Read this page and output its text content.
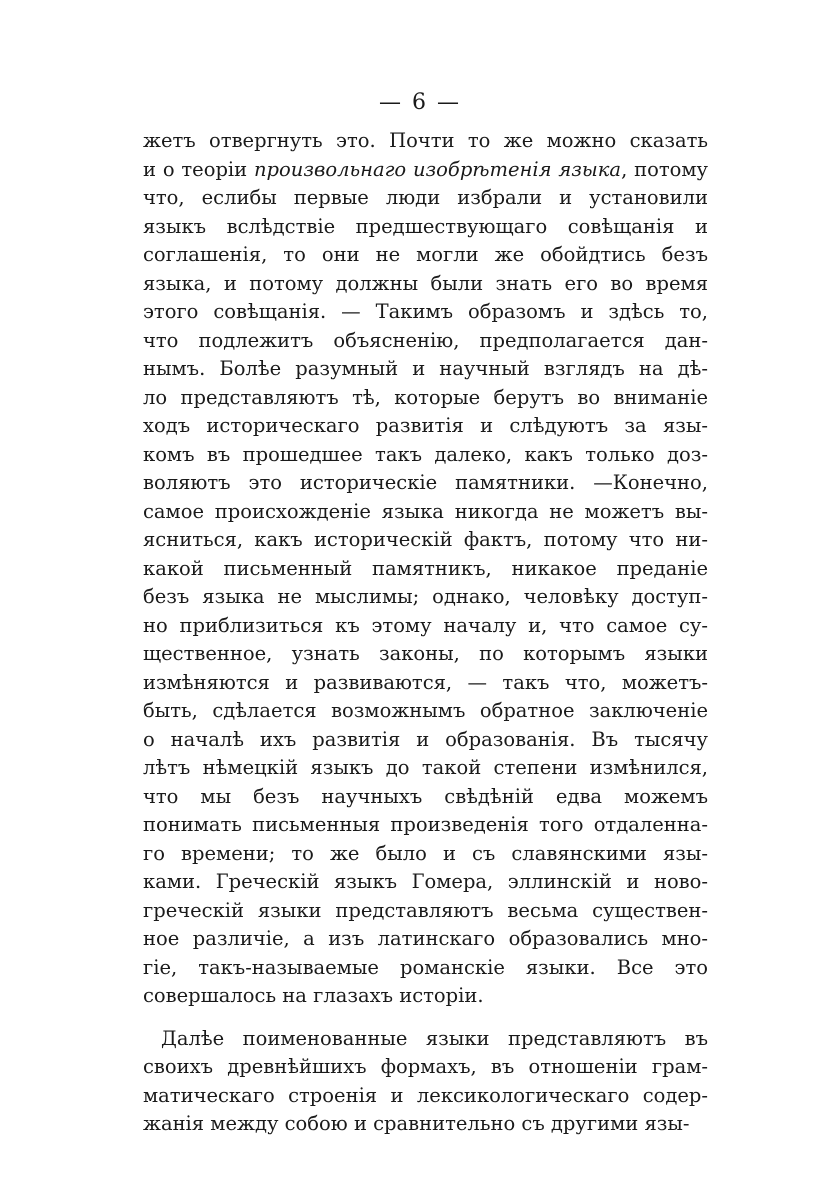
— 6 —
жетъ отвергнуть это. Почти то же можно сказать
и о теоріи произвольнаго изобрѣтенія языка, потому
что, еслибы первые люди избрали и установили
языкъ вслѣдствіе предшествующаго совѣщанія и
соглашенія, то они не могли же обойдтись безъ
языка, и потому должны были знать его во время
этого совѣщанія. — Такимъ образомъ и здѣсь то,
что подлежитъ объясненію, предполагается дан-
нымъ. Болѣе разумный и научный взглядъ на дѣ-
ло представляютъ тѣ, которые берутъ во вниманіе
ходъ историческаго развитія и слѣдуютъ за язы-
комъ въ прошедшее такъ далеко, какъ только доз-
воляютъ это историческіе памятники. —Конечно,
самое происхожденіе языка никогда не можетъ вы-
ясниться, какъ историческій фактъ, потому что ни-
какой письменный памятникъ, никакое преданіе
безъ языка не мыслимы; однако, человѣку доступ-
но приблизиться къ этому началу и, что самое су-
щественное, узнать законы, по которымъ языки
измѣняются и развиваются, — такъ что, можетъ-
быть, сдѣлается возможнымъ обратное заключеніе
о началѣ ихъ развитія и образованія. Въ тысячу
лѣтъ нѣмецкій языкъ до такой степени измѣнился,
что мы безъ научныхъ свѣдѣній едва можемъ
понимать письменныя произведенія того отдаленна-
го времени; то же было и съ славянскими язы-
ками. Греческій языкъ Гомера, эллинскій и ново-
греческій языки представляютъ весьма существен-
ное различіе, а изъ латинскаго образовались мно-
гіе, такъ-называемые романскіе языки. Все это
совершалось на глазахъ исторіи.
Далѣе поименованные языки представляютъ въ
своихъ древнѣйшихъ формахъ, въ отношеніи грам-
матическаго строенія и лексикологическаго содер-
жанія между собою и сравнительно съ другими язы-
